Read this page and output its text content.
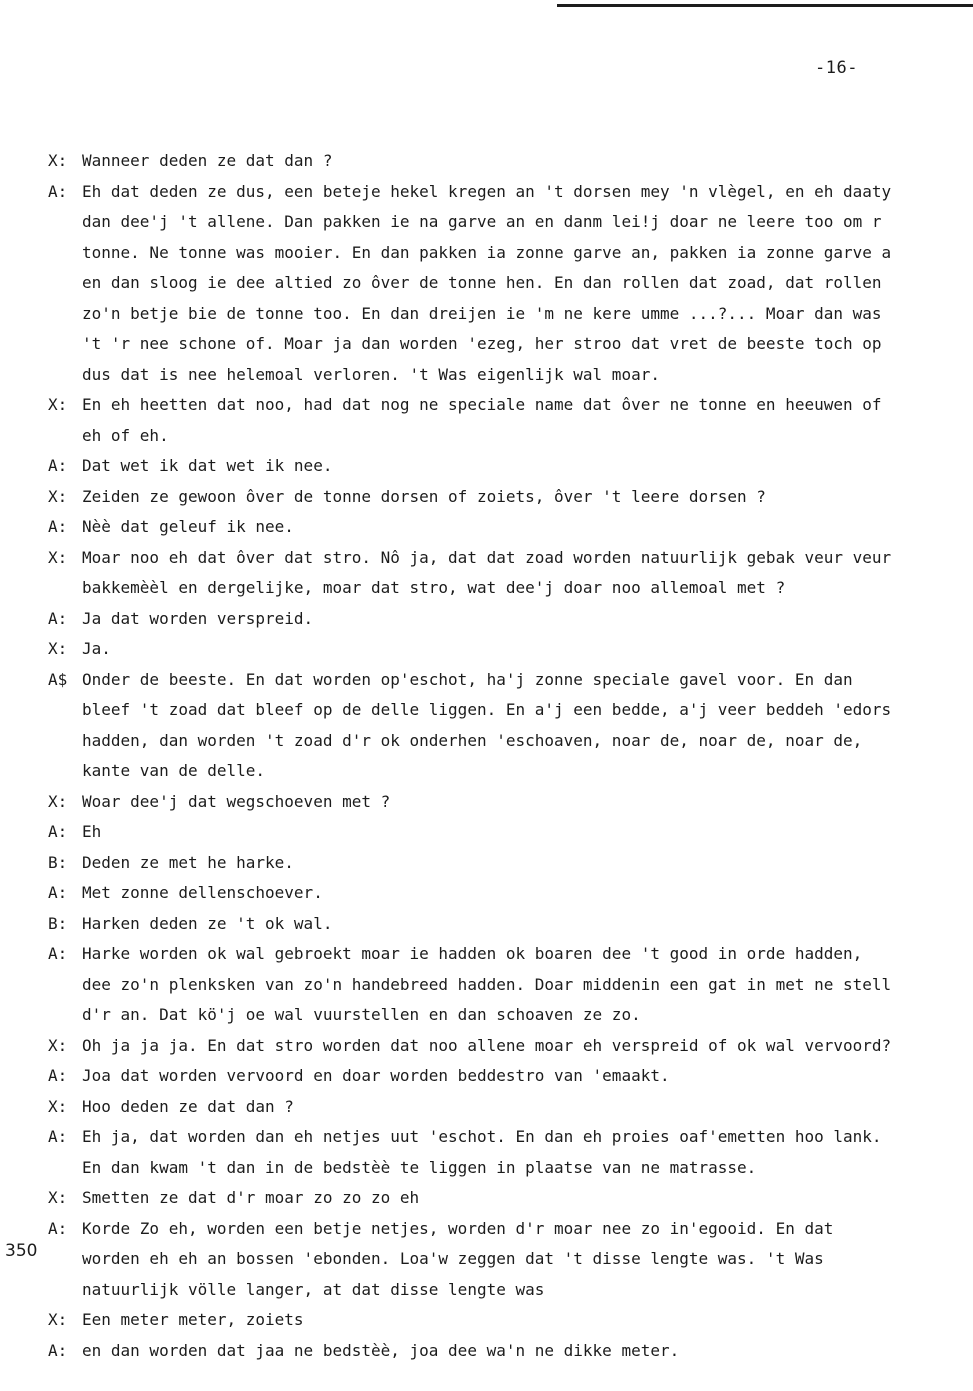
-16-
350
X: Wanneer deden ze dat dan ?
A: Eh dat deden ze dus, een beteje hekel kregen an 't dorsen mey 'n vlègel, en eh daaty
dan dee'j 't allene. Dan pakken ie na garve an en danm lei!j doar ne leere too om r
tonne. Ne tonne was mooier. En dan pakken ia zonne garve an, pakken ia zonne garve a
en dan sloog ie dee altied zo ôver de tonne hen. En dan rollen dat zoad, dat rollen
zo'n betje bie de tonne too. En dan dreijen ie 'm ne kere umme ...?... Moar dan was
't 'r nee schone of. Moar ja dan worden 'ezeg, her stroo dat vret de beeste toch op
dus dat is nee helemoal verloren. 't Was eigenlijk wal moar.
X: En eh heetten dat noo, had dat nog ne speciale name dat ôver ne tonne en heeuwen of
eh of eh.
A: Dat wet ik dat wet ik nee.
X: Zeiden ze gewoon ôver de tonne dorsen of zoiets, ôver 't leere dorsen ?
A: Nèè dat geleuf ik nee.
X: Moar noo eh dat ôver dat stro. Nô ja, dat dat zoad worden natuurlijk gebak veur veur
bakkemèèl en dergelijke, moar dat stro, wat dee'j doar noo allemoal met ?
A: Ja dat worden verspreid.
X: Ja.
A$ Onder de beeste. En dat worden op'eschot, ha'j zonne speciale gavel voor. En dan
bleef 't zoad dat bleef op de delle liggen. En a'j een bedde, a'j veer beddeh 'edors
hadden, dan worden 't zoad d'r ok onderhen 'eschoaven, noar de, noar de, noar de,
kante van de delle.
X: Woar dee'j dat wegschoeven met ?
A: Eh
B: Deden ze met he harke.
A: Met zonne dellenschoever.
B: Harken deden ze 't ok wal.
A: Harke worden ok wal gebroekt moar ie hadden ok boaren dee 't good in orde hadden,
dee zo'n plenksken van zo'n handebreed hadden. Doar middenin een gat in met ne stell
d'r an. Dat kö'j oe wal vuurstellen en dan schoaven ze zo.
X: Oh ja ja ja. En dat stro worden dat noo allene moar eh verspreid of ok wal vervoord?
A: Joa dat worden vervoord en doar worden beddestro van 'emaakt.
X: Hoo deden ze dat dan ?
A: Eh ja, dat worden dan eh netjes uut 'eschot. En dan eh proies oaf'emetten hoo lank.
En dan kwam 't dan in de bedstèè te liggen in plaatse van ne matrasse.
X: Smetten ze dat d'r moar zo zo zo eh
A: Korde Zo eh, worden een betje netjes, worden d'r moar nee zo in'egooid. En dat
worden eh eh an bossen 'ebonden. Loa'w zeggen dat 't disse lengte was. 't Was
natuurlijk völle langer, at dat disse lengte was
X: Een meter meter, zoiets
A: en dan worden dat jaa ne bedstèè, joa dee wa'n ne dikke meter.
